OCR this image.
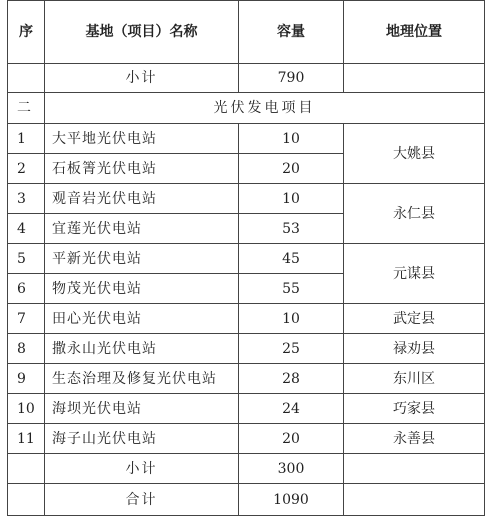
序	基地（项目）名称	容量	地理位置
	小计	790	
二	光伏发电项目		
1	大平地光伏电站	10	大姚县
2	石板箐光伏电站	20	
3	观音岩光伏电站	10	永仁县
4	宜莲光伏电站	53	
5	平新光伏电站	45	元谋县
6	物茂光伏电站	55	
7	田心光伏电站	10	武定县
8	撒永山光伏电站	25	禄劝县
9	生态治理及修复光伏电站	28	东川区
10	海坝光伏电站	24	巧家县
11	海子山光伏电站	20	永善县
	小计	300	
	合计	1090	
